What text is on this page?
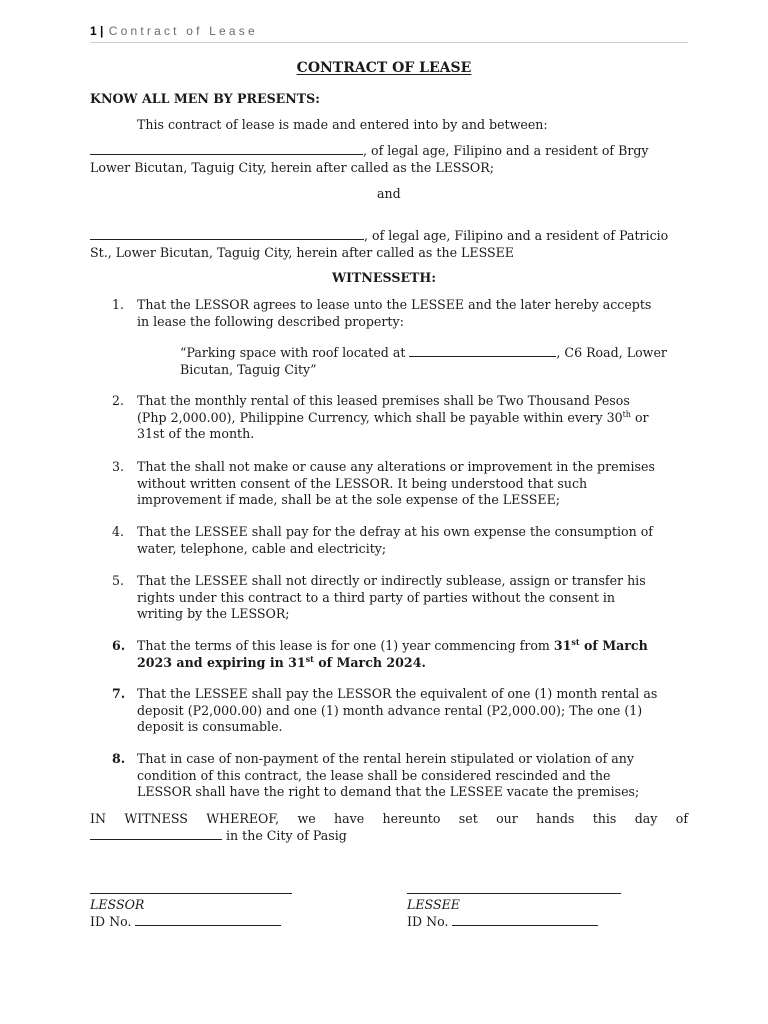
1 | Contract of Lease
CONTRACT OF LEASE
KNOW ALL MEN BY PRESENTS:
This contract of lease is made and entered into by and between:
, of legal age, Filipino and a resident of Brgy
Lower Bicutan, Taguig City, herein after called as the LESSOR;
and
, of legal age, Filipino and a resident of Patricio
St., Lower Bicutan, Taguig City, herein after called as the LESSEE
WITNESSETH:
1. That the LESSOR agrees to lease unto the LESSEE and the later hereby accepts
in lease the following described property:
“Parking space with roof located at	, C6 Road, Lower
Bicutan, Taguig City”
2. That the monthly rental of this leased premises shall be Two Thousand Pesos
(Php 2,000.00), Philippine Currency, which shall be payable within every 30th or
31st of the month.
3. That the shall not make or cause any alterations or improvement in the premises
without written consent of the LESSOR. It being understood that such
improvement if made, shall be at the sole expense of the LESSEE;
4. That the LESSEE shall pay for the defray at his own expense the consumption of
water, telephone, cable and electricity;
5. That the LESSEE shall not directly or indirectly sublease, assign or transfer his
rights under this contract to a third party of parties without the consent in
writing by the LESSOR;
6. That the terms of this lease is for one (1) year commencing from 31st of March
2023 and expiring in 31st of March 2024.
7. That the LESSEE shall pay the LESSOR the equivalent of one (1) month rental as
deposit (P2,000.00) and one (1) month advance rental (P2,000.00); The one (1)
deposit is consumable.
8. That in case of non-payment of the rental herein stipulated or violation of any
condition of this contract, the lease shall be considered rescinded and the
LESSOR shall have the right to demand that the LESSEE vacate the premises;
IN WITNESS WHEREOF, we have hereunto set our hands this day of
in the City of Pasig
LESSOR	LESSEE
ID No.	ID No.
